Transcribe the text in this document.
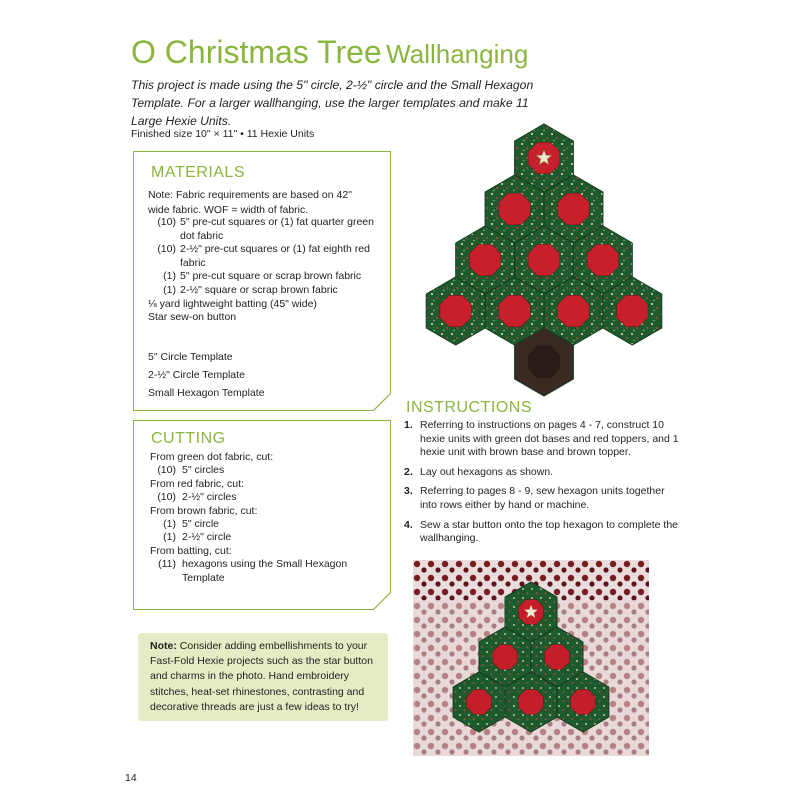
O Christmas Tree Wallhanging
This project is made using the 5" circle, 2-½" circle and the Small Hexagon Template. For a larger wallhanging, use the larger templates and make 11 Large Hexie Units.
Finished size 10" × 11" • 11 Hexie Units
MATERIALS
Note: Fabric requirements are based on 42" wide fabric. WOF = width of fabric.
(10) 5" pre-cut squares or (1) fat quarter green dot fabric
(10) 2-½" pre-cut squares or (1) fat eighth red fabric
(1) 5" pre-cut square or scrap brown fabric
(1) 2-½" square or scrap brown fabric
⅛ yard lightweight batting (45" wide)
Star sew-on button
5" Circle Template
2-½" Circle Template
Small Hexagon Template
CUTTING
From green dot fabric, cut:
(10) 5" circles
From red fabric, cut:
(10) 2-½" circles
From brown fabric, cut:
(1) 5" circle
(1) 2-½" circle
From batting, cut:
(11) hexagons using the Small Hexagon Template
Note: Consider adding embellishments to your Fast-Fold Hexie projects such as the star button and charms in the photo. Hand embroidery stitches, heat-set rhinestones, contrasting and decorative threads are just a few ideas to try!
INSTRUCTIONS
1. Referring to instructions on pages 4 - 7, construct 10 hexie units with green dot bases and red toppers, and 1 hexie unit with brown base and brown topper.
2. Lay out hexagons as shown.
3. Referring to pages 8 - 9, sew hexagon units together into rows either by hand or machine.
4. Sew a star button onto the top hexagon to complete the wallhanging.
14
